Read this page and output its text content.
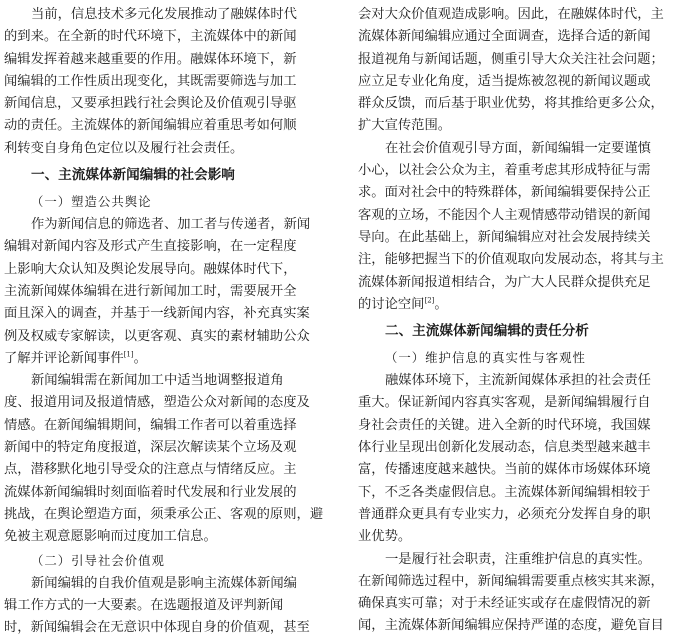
当前，信息技术多元化发展推动了融媒体时代
的到来。在全新的时代环境下，主流媒体中的新闻
编辑发挥着越来越重要的作用。融媒体环境下，新
闻编辑的工作性质出现变化，其既需要筛选与加工
新闻信息，又要承担践行社会舆论及价值观引导驱
动的责任。主流媒体的新闻编辑应着重思考如何顺
利转变自身角色定位以及履行社会责任。
一、主流媒体新闻编辑的社会影响
（一）塑造公共舆论
作为新闻信息的筛选者、加工者与传递者，新闻
编辑对新闻内容及形式产生直接影响，在一定程度
上影响大众认知及舆论发展导向。融媒体时代下，
主流新闻媒体编辑在进行新闻加工时，需要展开全
面且深入的调查，并基于一线新闻内容，补充真实案
例及权威专家解读，以更客观、真实的素材辅助公众
了解并评论新闻事件[1]。
新闻编辑需在新闻加工中适当地调整报道角
度、报道用词及报道情感，塑造公众对新闻的态度及
情感。在新闻编辑期间，编辑工作者可以着重选择
新闻中的特定角度报道，深层次解读某个立场及观
点，潜移默化地引导受众的注意点与情绪反应。主
流媒体新闻编辑时刻面临着时代发展和行业发展的
挑战，在舆论塑造方面，须秉承公正、客观的原则，避
免被主观意愿影响而过度加工信息。
（二）引导社会价值观
新闻编辑的自我价值观是影响主流媒体新闻编
辑工作方式的一大要素。在选题报道及评判新闻
时，新闻编辑会在无意识中体现自身的价值观，甚至
会对大众价值观造成影响。因此，在融媒体时代，主
流媒体新闻编辑应通过全面调查，选择合适的新闻
报道视角与新闻话题，侧重引导大众关注社会问题；
应立足专业化角度，适当提炼被忽视的新闻议题或
群众反馈，而后基于职业优势，将其推给更多公众，
扩大宣传范围。
在社会价值观引导方面，新闻编辑一定要谨慎
小心，以社会公众为主，着重考虑其形成特征与需
求。面对社会中的特殊群体，新闻编辑要保持公正
客观的立场，不能因个人主观情感带动错误的新闻
导向。在此基础上，新闻编辑应对社会发展持续关
注，能够把握当下的价值观取向发展动态，将其与主
流媒体新闻报道相结合，为广大人民群众提供充足
的讨论空间[2]。
二、主流媒体新闻编辑的责任分析
（一）维护信息的真实性与客观性
融媒体环境下，主流新闻媒体承担的社会责任
重大。保证新闻内容真实客观，是新闻编辑履行自
身社会责任的关键。进入全新的时代环境，我国媒
体行业呈现出创新化发展动态，信息类型越来越丰
富，传播速度越来越快。当前的媒体市场媒体环境
下，不乏各类虚假信息。主流媒体新闻编辑相较于
普通群众更具有专业实力，必须充分发挥自身的职
业优势。
一是履行社会职责，注重维护信息的真实性。
在新闻筛选过程中，新闻编辑需要重点核实其来源，
确保真实可靠；对于未经证实或存在虚假情况的新
闻，主流媒体新闻编辑应保持严谨的态度，避免盲目
